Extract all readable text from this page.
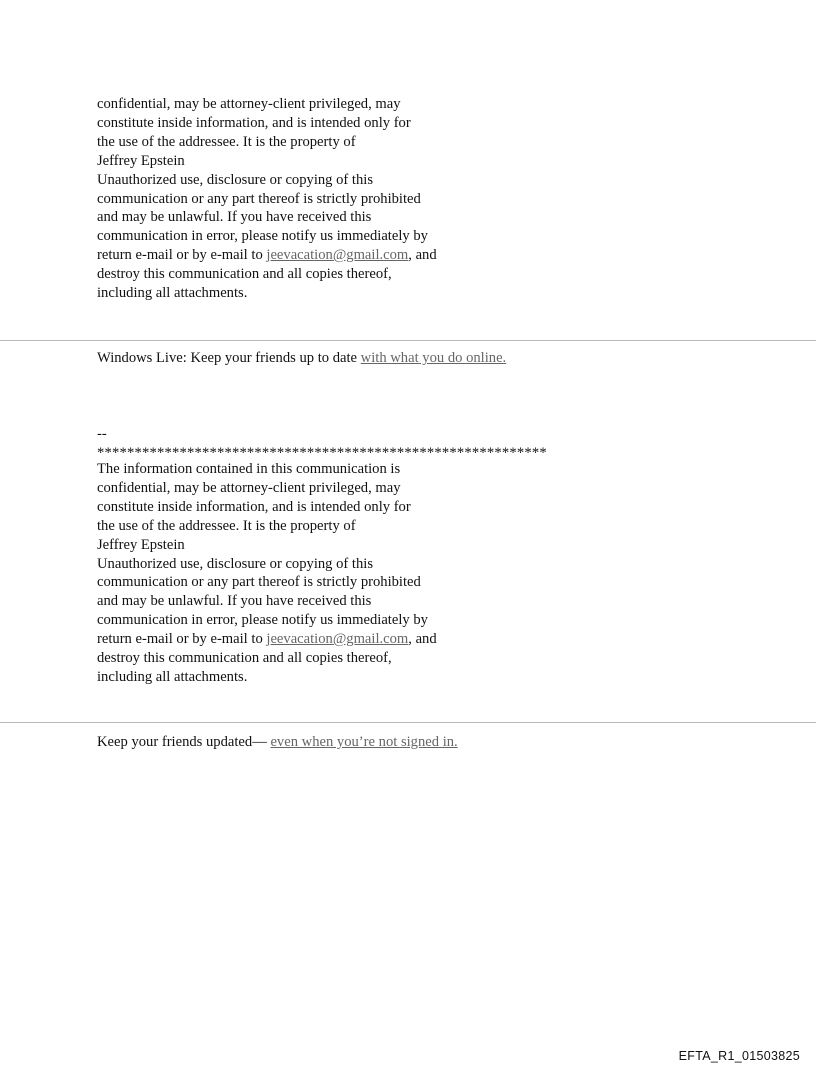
confidential, may be attorney-client privileged, may
constitute inside information, and is intended only for
the use of the addressee. It is the property of
Jeffrey Epstein
Unauthorized use, disclosure or copying of this
communication or any part thereof is strictly prohibited
and may be unlawful. If you have received this
communication in error, please notify us immediately by
return e-mail or by e-mail to jeevacation@gmail.com, and
destroy this communication and all copies thereof,
including all attachments.
Windows Live: Keep your friends up to date with what you do online.
--
************************************************************
The information contained in this communication is
confidential, may be attorney-client privileged, may
constitute inside information, and is intended only for
the use of the addressee. It is the property of
Jeffrey Epstein
Unauthorized use, disclosure or copying of this
communication or any part thereof is strictly prohibited
and may be unlawful. If you have received this
communication in error, please notify us immediately by
return e-mail or by e-mail to jeevacation@gmail.com, and
destroy this communication and all copies thereof,
including all attachments.
Keep your friends updated— even when you’re not signed in.
EFTA_R1_01503825
